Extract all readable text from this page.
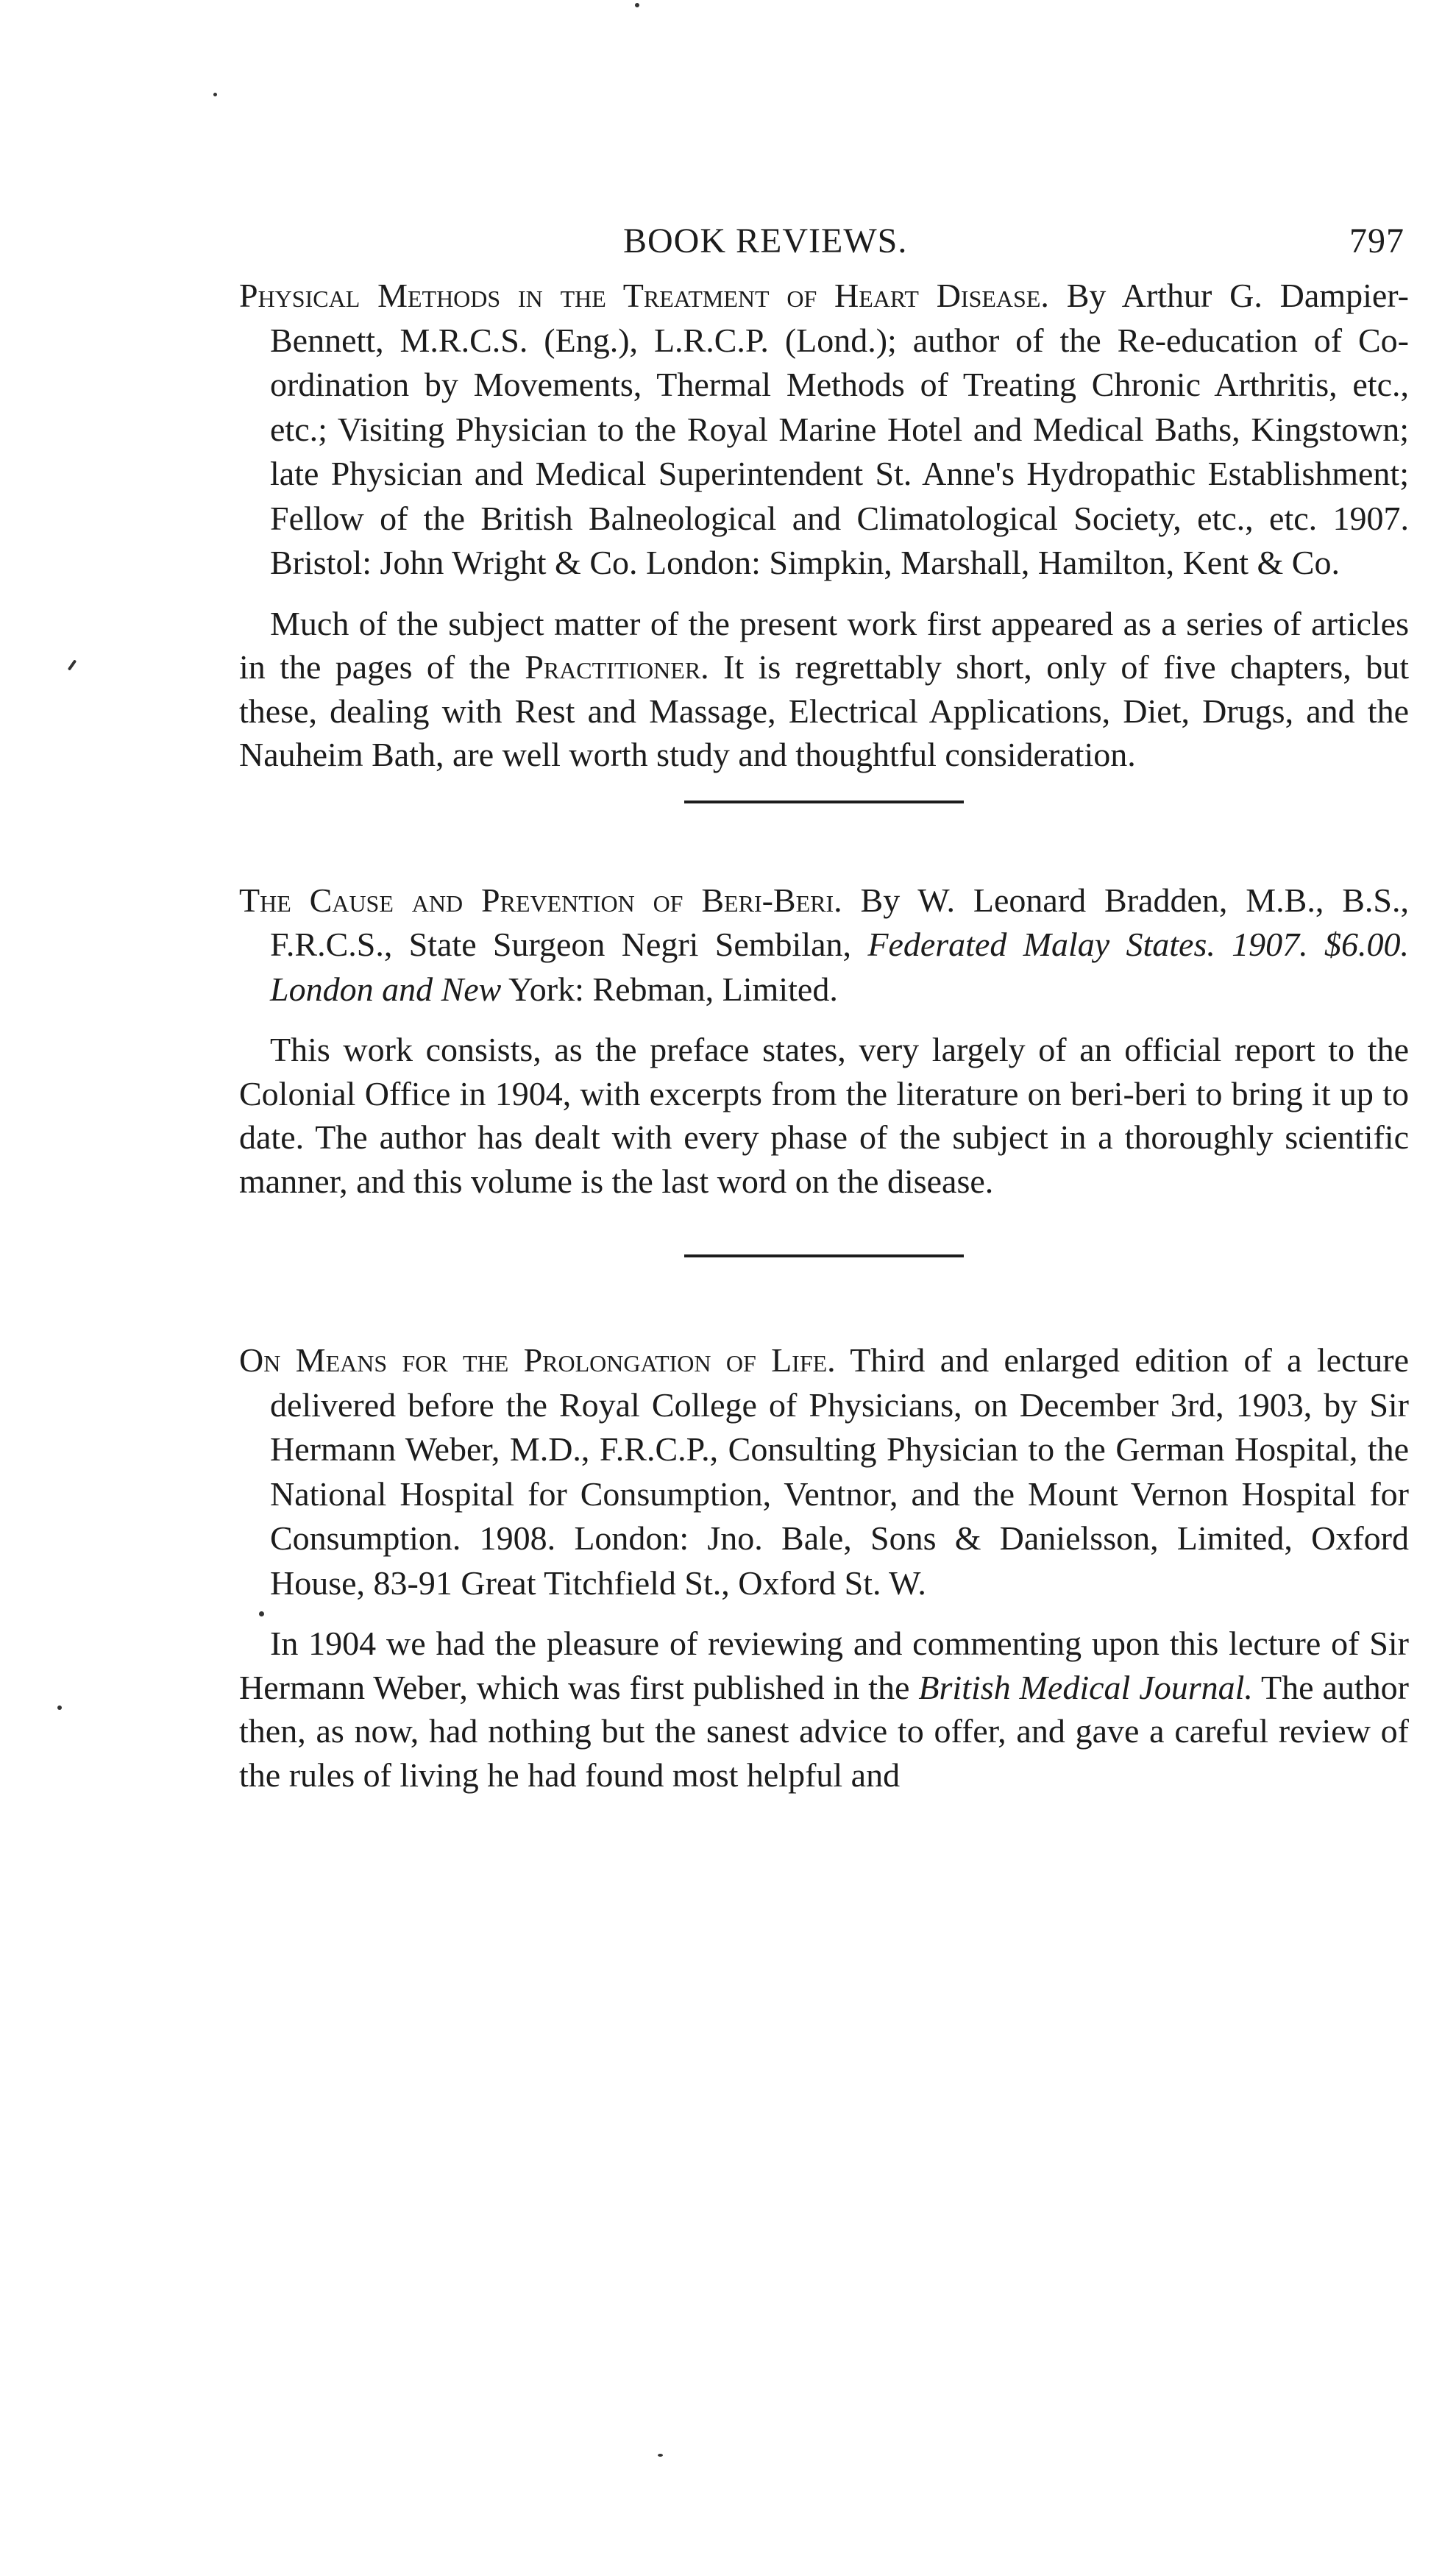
BOOK REVIEWS.	797

Physical Methods in the Treatment of Heart Disease. By Arthur G. Dampier-Bennett, M.R.C.S. (Eng.), L.R.C.P. (Lond.); author of the Re-education of Co-ordination by Movements, Thermal Methods of Treating Chronic Arthritis, etc., etc.; Visiting Physician to the Royal Marine Hotel and Medical Baths, Kingstown; late Physician and Medical Superintendent St. Anne's Hydropathic Establishment; Fellow of the British Balneological and Climatological Society, etc., etc. 1907. Bristol: John Wright & Co. London: Simpkin, Marshall, Hamilton, Kent & Co.

Much of the subject matter of the present work first appeared as a series of articles in the pages of the Practitioner. It is regrettably short, only of five chapters, but these, dealing with Rest and Massage, Electrical Applications, Diet, Drugs, and the Nauheim Bath, are well worth study and thoughtful consideration.

The Cause and Prevention of Beri-Beri. By W. Leonard Bradden, M.B., B.S., F.R.C.S., State Surgeon Negri Sembilan, Federated Malay States. 1907. $6.00. London and New York: Rebman, Limited.

This work consists, as the preface states, very largely of an official report to the Colonial Office in 1904, with excerpts from the literature on beri-beri to bring it up to date. The author has dealt with every phase of the subject in a thoroughly scientific manner, and this volume is the last word on the disease.

On Means for the Prolongation of Life. Third and enlarged edition of a lecture delivered before the Royal College of Physicians, on December 3rd, 1903, by Sir Hermann Weber, M.D., F.R.C.P., Consulting Physician to the German Hospital, the National Hospital for Consumption, Ventnor, and the Mount Vernon Hospital for Consumption. 1908. London: Jno. Bale, Sons & Danielsson, Limited, Oxford House, 83-91 Great Titchfield St., Oxford St. W.

In 1904 we had the pleasure of reviewing and commenting upon this lecture of Sir Hermann Weber, which was first published in the British Medical Journal. The author then, as now, had nothing but the sanest advice to offer, and gave a careful review of the rules of living he had found most helpful and
